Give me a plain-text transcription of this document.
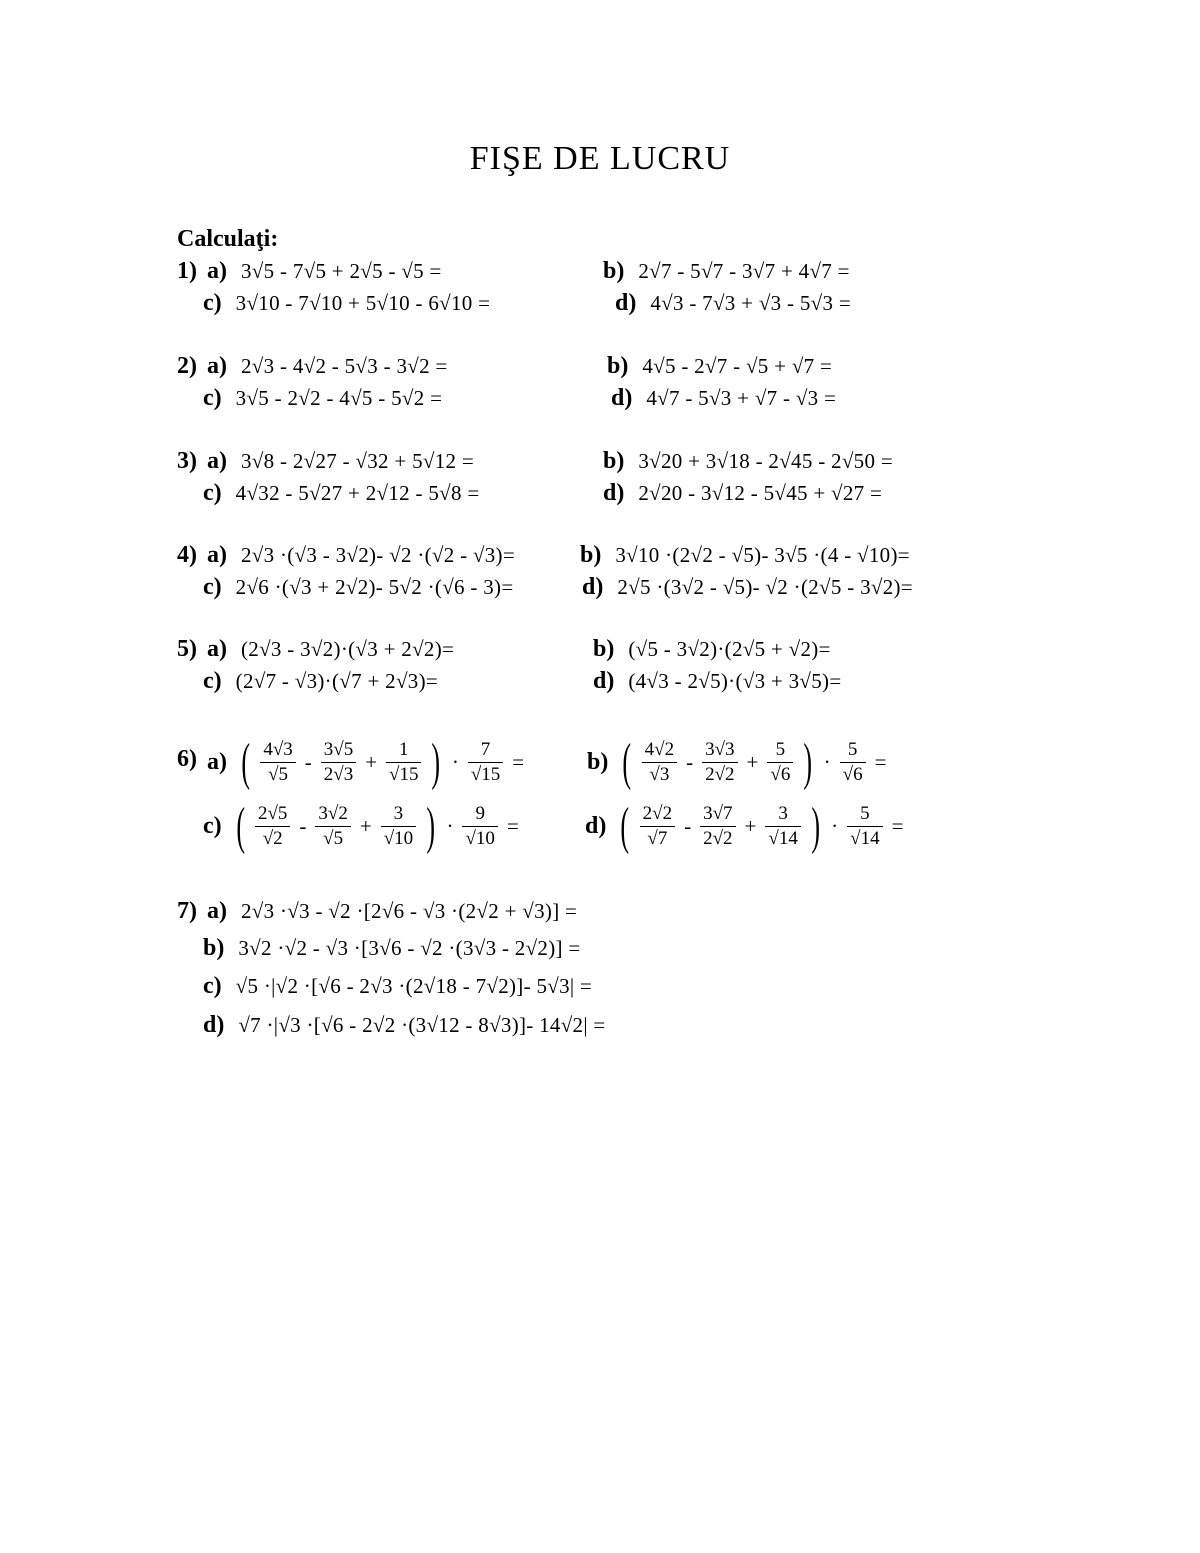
FIŞE DE LUCRU
Calculaţi:
1) a) 3√5 - 7√5 + 2√5 - √5 =	b) 2√7 - 5√7 - 3√7 + 4√7 =
c) 3√10 - 7√10 + 5√10 - 6√10 =	d) 4√3 - 7√3 + √3 - 5√3 =
2) a) 2√3 - 4√2 - 5√3 - 3√2 =	b) 4√5 - 2√7 - √5 + √7 =
c) 3√5 - 2√2 - 4√5 - 5√2 =	d) 4√7 - 5√3 + √7 - √3 =
3) a) 3√8 - 2√27 - √32 + 5√12 =	b) 3√20 + 3√18 - 2√45 - 2√50 =
c) 4√32 - 5√27 + 2√12 - 5√8 =	d) 2√20 - 3√12 - 5√45 + √27 =
4) a) 2√3 ·(√3 - 3√2)- √2 ·(√2 - √3)=	b) 3√10 ·(2√2 - √5)- 3√5 ·(4 - √10)=
c) 2√6 ·(√3 + 2√2)- 5√2 ·(√6 - 3)=	d) 2√5 ·(3√2 - √5)- √2 ·(2√5 - 3√2)=
5) a) (2√3 - 3√2)·(√3 + 2√2)=	b) (√5 - 3√2)·(2√5 + √2)=
c) (2√7 - √3)·(√7 + 2√3)=	d) (4√3 - 2√5)·(√3 + 3√5)=
6) a) ( $\frac{4√3}{√5} - \frac{3√5}{2√3} + \frac{1}{√15}$ ) · $\frac{7}{√15}$ =	b) ( $\frac{4√2}{√3} - \frac{3√3}{2√2} + \frac{5}{√6}$ ) · $\frac{5}{√6}$ =
c) ( $\frac{2√5}{√2} - \frac{3√2}{√5} + \frac{3}{√10}$ ) · $\frac{9}{√10}$ =	d) ( $\frac{2√2}{√7} - \frac{3√7}{2√2} + \frac{3}{√14}$ ) · $\frac{5}{√14}$ =
7) a) 2√3 ·√3 - √2 ·[2√6 - √3 ·(2√2 + √3)] =
b) 3√2 ·√2 - √3 ·[3√6 - √2 ·(3√3 - 2√2)] =
c) √5 ·|√2 ·[√6 - 2√3 ·(2√18 - 7√2)]- 5√3| =
d) √7 ·|√3 ·[√6 - 2√2 ·(3√12 - 8√3)]- 14√2| =
